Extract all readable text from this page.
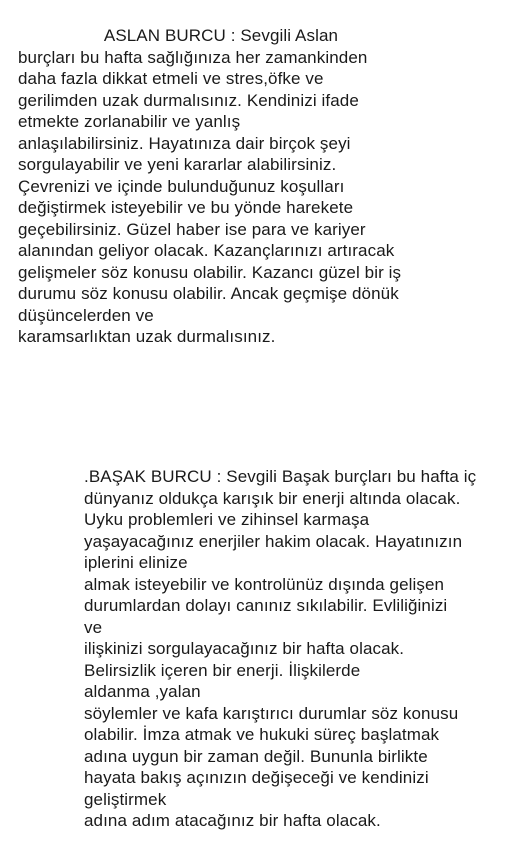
ASLAN BURCU : Sevgili Aslan
burçları bu hafta sağlığınıza her zamankinden
daha fazla dikkat etmeli ve stres,öfke ve
gerilimden uzak durmalısınız. Kendinizi ifade
etmekte zorlanabilir ve yanlış
anlaşılabilirsiniz. Hayatınıza dair birçok şeyi
sorgulayabilir ve yeni kararlar alabilirsiniz.
Çevrenizi ve içinde bulunduğunuz koşulları
değiştirmek isteyebilir ve bu yönde harekete
geçebilirsiniz. Güzel haber ise para ve kariyer
alanından geliyor olacak. Kazançlarınızı artıracak
gelişmeler söz konusu olabilir. Kazancı güzel bir iş
durumu söz konusu olabilir. Ancak geçmişe dönük
düşüncelerden ve
karamsarlıktan uzak durmalısınız.
.BAŞAK BURCU : Sevgili Başak burçları bu hafta iç
dünyanız oldukça karışık bir enerji altında olacak.
Uyku problemleri ve zihinsel karmaşa
yaşayacağınız enerjiler hakim olacak. Hayatınızın
iplerini elinize
almak isteyebilir ve kontrolünüz dışında gelişen
durumlardan dolayı canınız sıkılabilir. Evliliğinizi
ve
ilişkinizi sorgulayacağınız bir hafta olacak.
Belirsizlik içeren bir enerji. İlişkilerde
aldanma ,yalan
söylemler ve kafa karıştırıcı durumlar söz konusu
olabilir. İmza atmak ve hukuki süreç başlatmak
adına uygun bir zaman değil. Bununla birlikte
hayata bakış açınızın değişeceği ve kendinizi
geliştirmek
adına adım atacağınız bir hafta olacak.
